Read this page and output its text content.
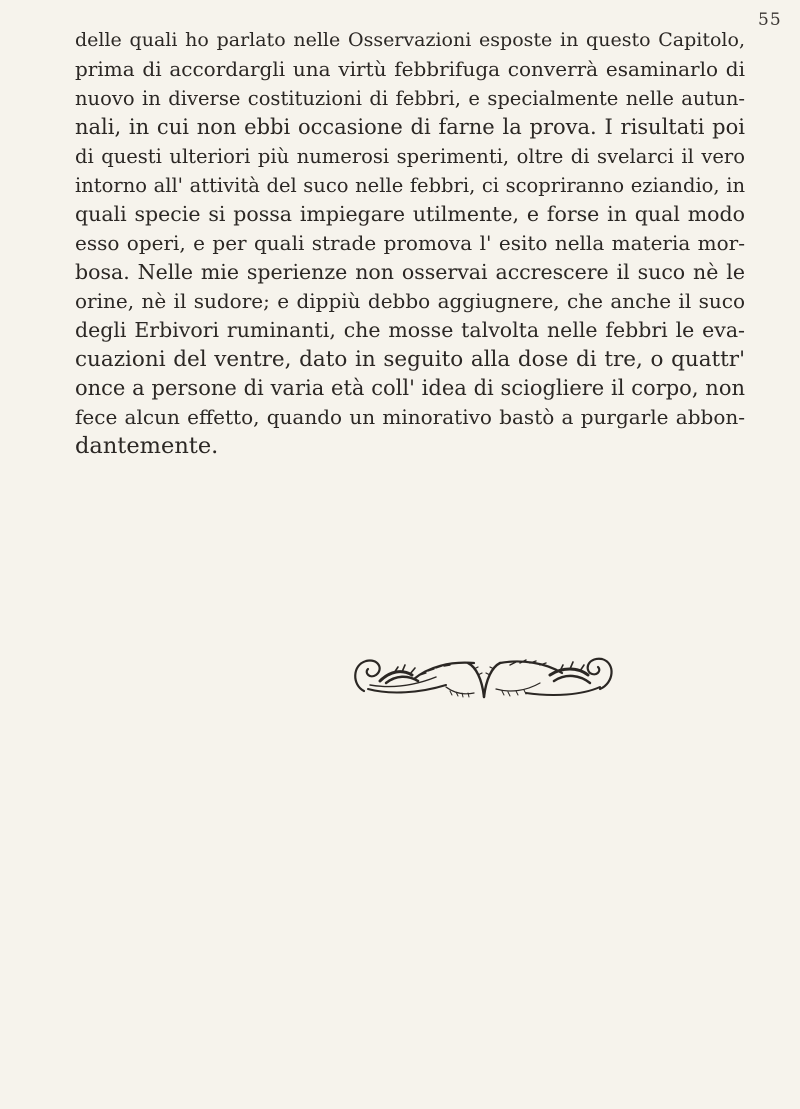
55
delle quali ho parlato nelle Osservazioni esposte in questo Capitolo,
prima di accordargli una virtù febbrifuga converrà esaminarlo di
nuovo in diverse costituzioni di febbri, e specialmente nelle autun-
nali, in cui non ebbi occasione di farne la prova. I risultati poi
di questi ulteriori più numerosi sperimenti, oltre di svelarci il vero
intorno all' attività del suco nelle febbri, ci scopriranno eziandio, in
quali specie si possa impiegare utilmente, e forse in qual modo
esso operi, e per quali strade promova l' esito nella materia mor-
bosa. Nelle mie sperienze non osservai accrescere il suco nè le
orine, nè il sudore; e dippiù debbo aggiugnere, che anche il suco
degli Erbivori ruminanti, che mosse talvolta nelle febbri le eva-
cuazioni del ventre, dato in seguito alla dose di tre, o quattr'
once a persone di varia età coll' idea di sciogliere il corpo, non
fece alcun effetto, quando un minorativo bastò a purgarle abbon-
dantemente.
